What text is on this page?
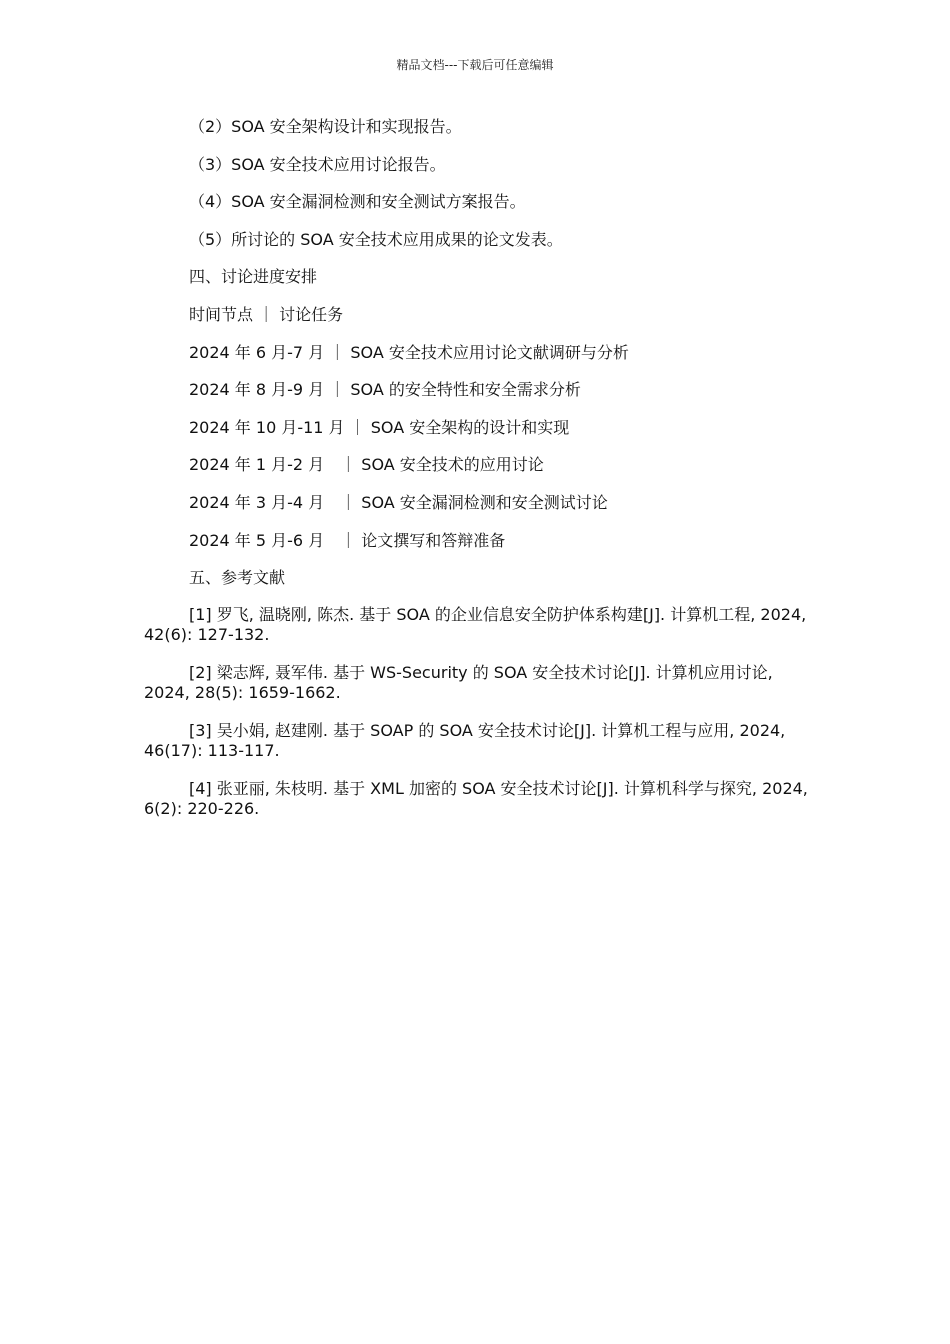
精品文档---下载后可任意编辑
（2）SOA 安全架构设计和实现报告。
（3）SOA 安全技术应用讨论报告。
（4）SOA 安全漏洞检测和安全测试方案报告。
（5）所讨论的 SOA 安全技术应用成果的论文发表。
四、讨论进度安排
时间节点 ｜ 讨论任务
2024 年 6 月-7 月 ｜ SOA 安全技术应用讨论文献调研与分析
2024 年 8 月-9 月 ｜ SOA 的安全特性和安全需求分析
2024 年 10 月-11 月 ｜ SOA 安全架构的设计和实现
2024 年 1 月-2 月　｜ SOA 安全技术的应用讨论
2024 年 3 月-4 月　｜ SOA 安全漏洞检测和安全测试讨论
2024 年 5 月-6 月　｜ 论文撰写和答辩准备
五、参考文献
[1] 罗飞, 温晓刚, 陈杰. 基于 SOA 的企业信息安全防护体系构建[J]. 计算机工程, 2024, 42(6): 127-132.
[2] 梁志辉, 聂军伟. 基于 WS-Security 的 SOA 安全技术讨论[J]. 计算机应用讨论, 2024, 28(5): 1659-1662.
[3] 吴小娟, 赵建刚. 基于 SOAP 的 SOA 安全技术讨论[J]. 计算机工程与应用, 2024, 46(17): 113-117.
[4] 张亚丽, 朱枝明. 基于 XML 加密的 SOA 安全技术讨论[J]. 计算机科学与探究, 2024, 6(2): 220-226.
